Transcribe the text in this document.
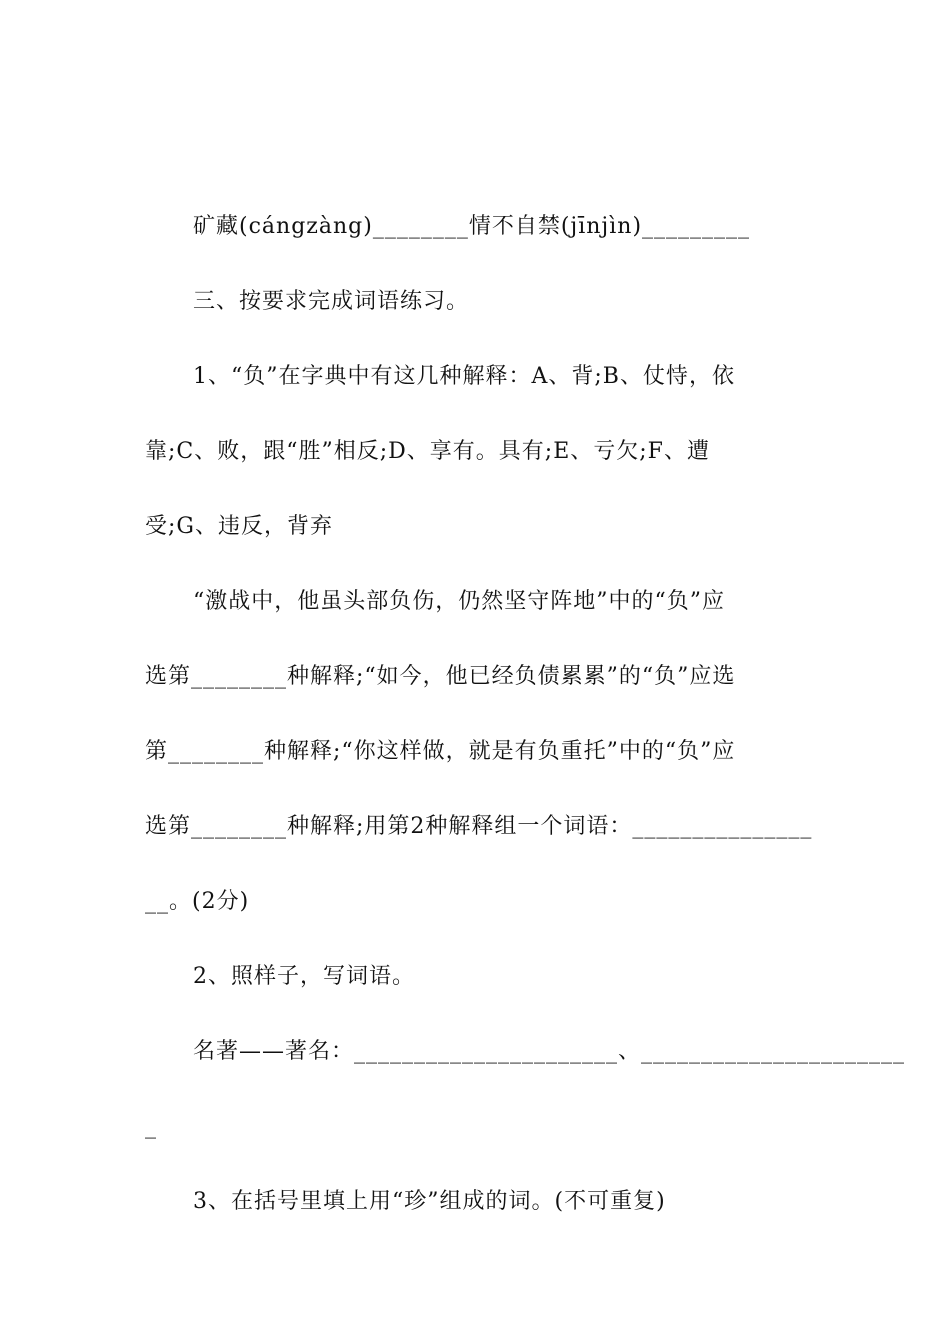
矿藏(cángzàng)________情不自禁(jīnjìn)_________
三、按要求完成词语练习。
1、“负”在字典中有这几种解释：A、背;B、仗恃，依
靠;C、败，跟“胜”相反;D、享有。具有;E、亏欠;F、遭
受;G、违反，背弃
“激战中，他虽头部负伤，仍然坚守阵地”中的“负”应
选第________种解释;“如今，他已经负债累累”的“负”应选
第________种解释;“你这样做，就是有负重托”中的“负”应
选第________种解释;用第2种解释组一个词语：_______________
__。(2分)
2、照样子，写词语。
名著——著名：______________________、______________________
_
3、在括号里填上用“珍”组成的词。(不可重复)
